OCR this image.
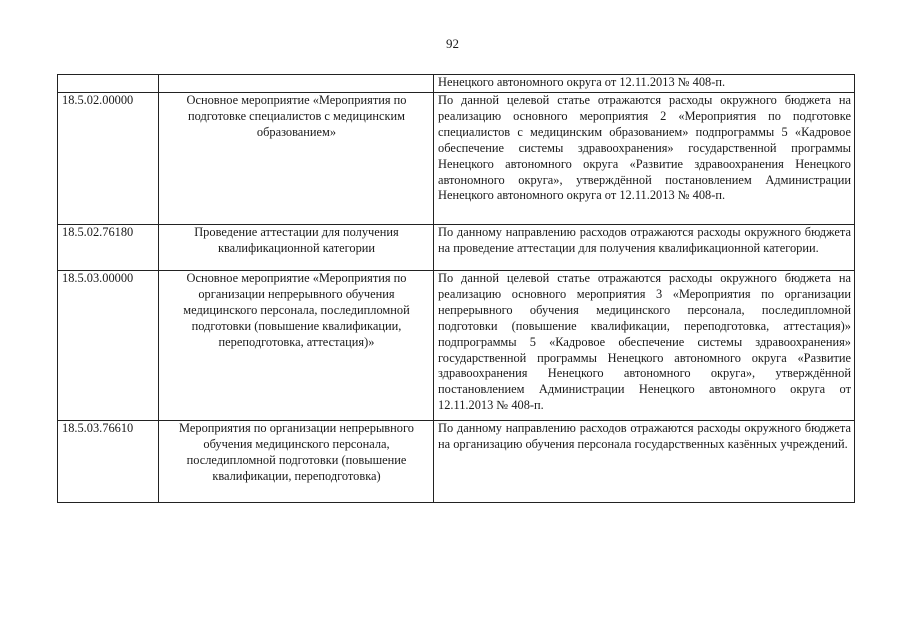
92
		Ненецкого автономного округа от 12.11.2013 № 408-п.
18.5.02.00000	Основное мероприятие «Мероприятия по подготовке специалистов с медицинским образованием»	По данной целевой статье отражаются расходы окружного бюджета на реализацию основного мероприятия 2 «Мероприятия по подготовке специалистов с медицинским образованием» подпрограммы 5 «Кадровое обеспечение системы здравоохранения» государственной программы Ненецкого автономного округа «Развитие здравоохранения Ненецкого автономного округа», утверждённой постановлением Администрации Ненецкого автономного округа от 12.11.2013 № 408-п.
18.5.02.76180	Проведение аттестации для получения квалификационной категории	По данному направлению расходов отражаются расходы окружного бюджета на проведение аттестации для получения квалификационной категории.
18.5.03.00000	Основное мероприятие «Мероприятия по организации непрерывного обучения медицинского персонала, последипломной подготовки (повышение квалификации, переподготовка, аттестация)»	По данной целевой статье отражаются расходы окружного бюджета на реализацию основного мероприятия 3 «Мероприятия по организации непрерывного обучения медицинского персонала, последипломной подготовки (повышение квалификации, переподготовка, аттестация)» подпрограммы 5 «Кадровое обеспечение системы здравоохранения» государственной программы Ненецкого автономного округа «Развитие здравоохранения Ненецкого автономного округа», утверждённой постановлением Администрации Ненецкого автономного округа от 12.11.2013 № 408-п.
18.5.03.76610	Мероприятия по организации непрерывного обучения медицинского персонала, последипломной подготовки (повышение квалификации, переподготовка)	По данному направлению расходов отражаются расходы окружного бюджета на организацию обучения персонала государственных казённых учреждений.
